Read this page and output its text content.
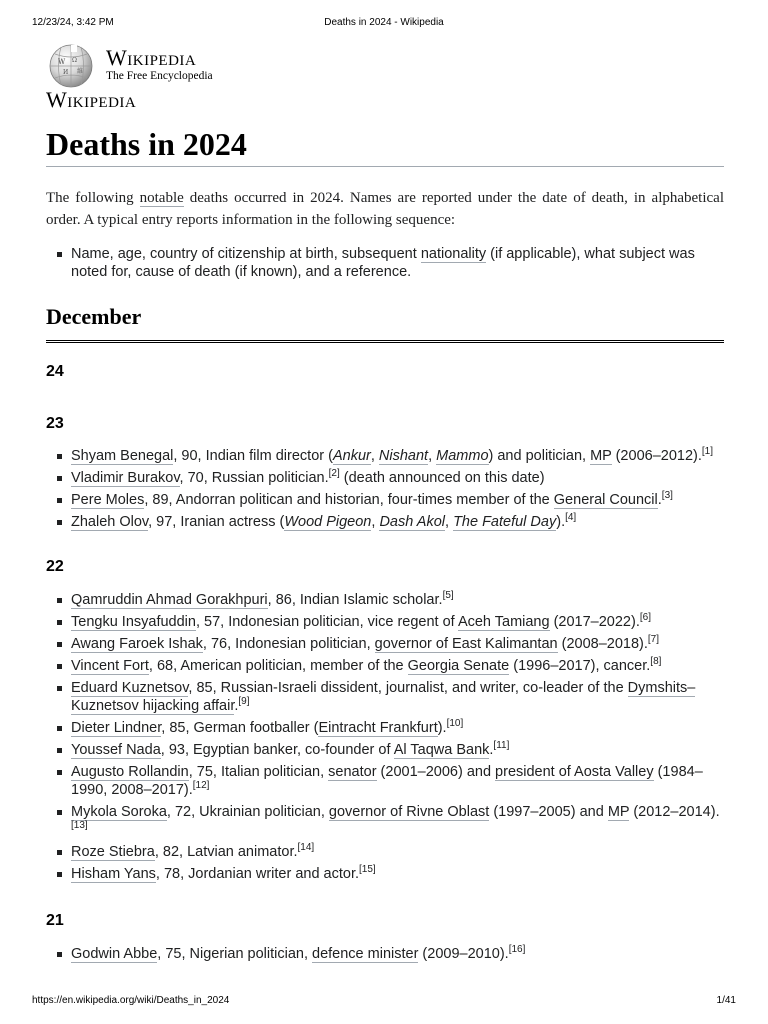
12/23/24, 3:42 PM	Deaths in 2024 - Wikipedia
W Ω
И 維
Wikipedia
The Free Encyclopedia
Wikipedia
Deaths in 2024

The following notable deaths occurred in 2024. Names are reported under the date of death, in alphabetical order. A typical entry reports information in the following sequence:

Name, age, country of citizenship at birth, subsequent nationality (if applicable), what subject was noted for, cause of death (if known), and a reference.
December
24
23
Shyam Benegal, 90, Indian film director (Ankur, Nishant, Mammo) and politician, MP (2006–2012).[1]
Vladimir Burakov, 70, Russian politician.[2] (death announced on this date)
Pere Moles, 89, Andorran politican and historian, four-times member of the General Council.[3]
Zhaleh Olov, 97, Iranian actress (Wood Pigeon, Dash Akol, The Fateful Day).[4]
22
Qamruddin Ahmad Gorakhpuri, 86, Indian Islamic scholar.[5]
Tengku Insyafuddin, 57, Indonesian politician, vice regent of Aceh Tamiang (2017–2022).[6]
Awang Faroek Ishak, 76, Indonesian politician, governor of East Kalimantan (2008–2018).[7]
Vincent Fort, 68, American politician, member of the Georgia Senate (1996–2017), cancer.[8]
Eduard Kuznetsov, 85, Russian-Israeli dissident, journalist, and writer, co-leader of the Dymshits–Kuznetsov hijacking affair.[9]
Dieter Lindner, 85, German footballer (Eintracht Frankfurt).[10]
Youssef Nada, 93, Egyptian banker, co-founder of Al Taqwa Bank.[11]
Augusto Rollandin, 75, Italian politician, senator (2001–2006) and president of Aosta Valley (1984–1990, 2008–2017).[12]
Mykola Soroka, 72, Ukrainian politician, governor of Rivne Oblast (1997–2005) and MP (2012–2014).[13]
Roze Stiebra, 82, Latvian animator.[14]
Hisham Yans, 78, Jordanian writer and actor.[15]
21
Godwin Abbe, 75, Nigerian politician, defence minister (2009–2010).[16]
https://en.wikipedia.org/wiki/Deaths_in_2024	1/41
